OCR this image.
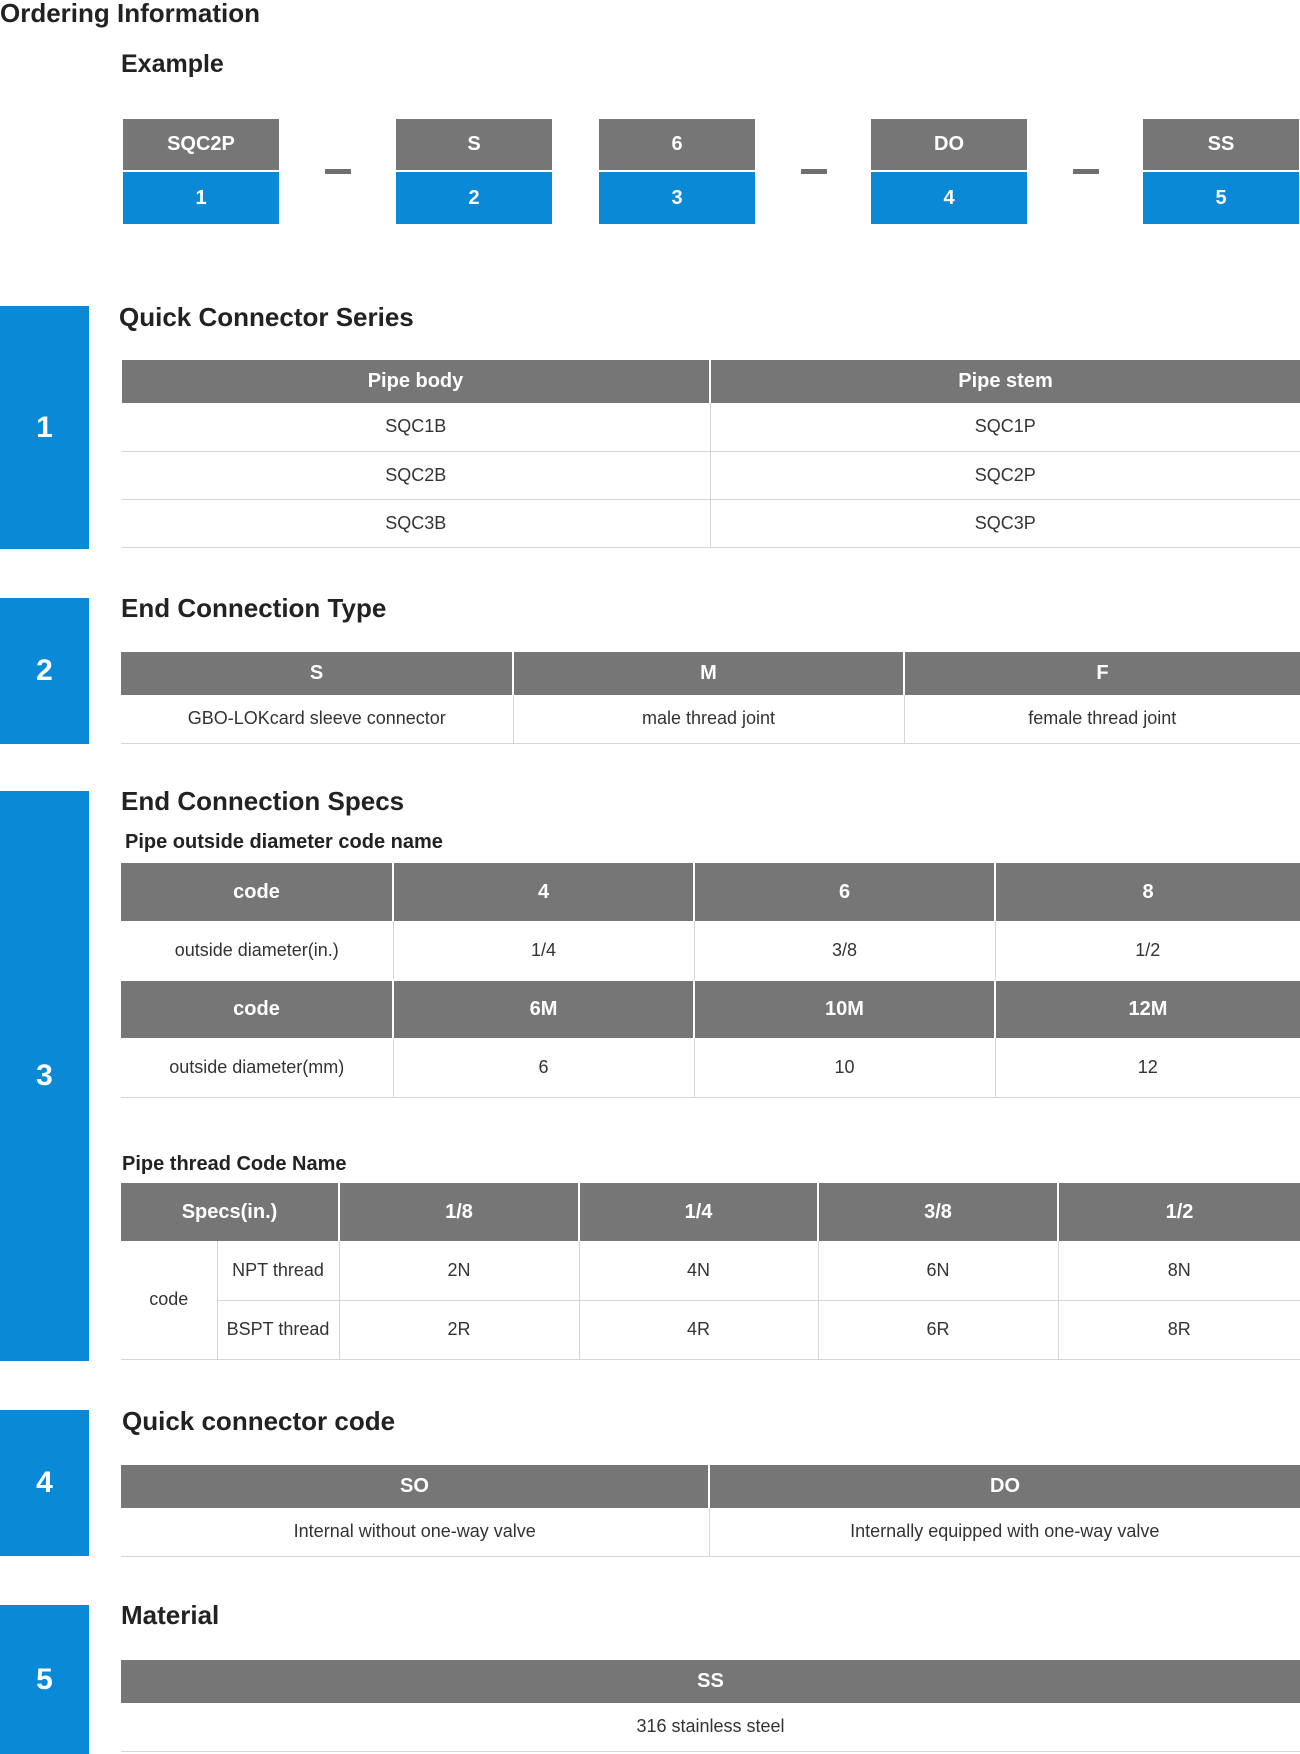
Ordering Information
Example
SQC2P
1
S
2
6
3
DO
4
SS
5
1
Quick Connector Series
Pipe body	Pipe stem
SQC1B	SQC1P
SQC2B	SQC2P
SQC3B	SQC3P
2
End Connection Type
S	M	F
GBO-LOKcard sleeve connector	male thread joint	female thread joint
3
End Connection Specs
Pipe outside diameter code name
code	4	6	8
outside diameter(in.)	1/4	3/8	1/2
code	6M	10M	12M
outside diameter(mm)	6	10	12
Pipe thread Code Name
Specs(in.)		1/8	1/4	3/8	1/2
code	NPT thread	2N	4N	6N	8N
	BSPT thread	2R	4R	6R	8R
4
Quick connector code
SO	DO
Internal without one-way valve	Internally equipped with one-way valve
5
Material
SS
316 stainless steel
